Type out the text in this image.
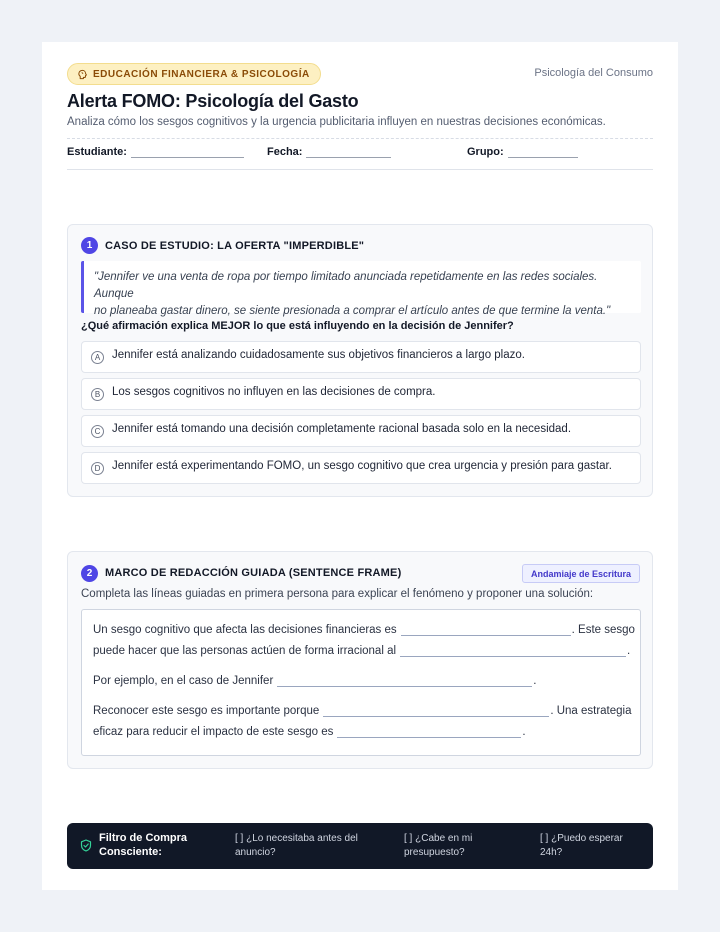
EDUCACIÓN FINANCIERA & PSICOLOGÍA	Psicología del Consumo
Alerta FOMO: Psicología del Gasto
Analiza cómo los sesgos cognitivos y la urgencia publicitaria influyen en nuestras decisiones económicas.
Estudiante:	Fecha:	Grupo:
1	CASO DE ESTUDIO: LA OFERTA "IMPERDIBLE"
"Jennifer ve una venta de ropa por tiempo limitado anunciada repetidamente en las redes sociales. Aunque
no planeaba gastar dinero, se siente presionada a comprar el artículo antes de que termine la venta."
¿Qué afirmación explica MEJOR lo que está influyendo en la decisión de Jennifer?
A	Jennifer está analizando cuidadosamente sus objetivos financieros a largo plazo.
B	Los sesgos cognitivos no influyen en las decisiones de compra.
C	Jennifer está tomando una decisión completamente racional basada solo en la necesidad.
D	Jennifer está experimentando FOMO, un sesgo cognitivo que crea urgencia y presión para gastar.
2	MARCO DE REDACCIÓN GUIADA (SENTENCE FRAME)	Andamiaje de Escritura
Completa las líneas guiadas en primera persona para explicar el fenómeno y proponer una solución:
Un sesgo cognitivo que afecta las decisiones financieras es	. Este sesgo
puede hacer que las personas actúen de forma irracional al	.
Por ejemplo, en el caso de Jennifer	.
Reconocer este sesgo es importante porque	. Una estrategia
eficaz para reducir el impacto de este sesgo es	.
Filtro de Compra Consciente:
[ ] ¿Lo necesitaba antes del anuncio?
[ ] ¿Cabe en mi presupuesto?
[ ] ¿Puedo esperar 24h?
